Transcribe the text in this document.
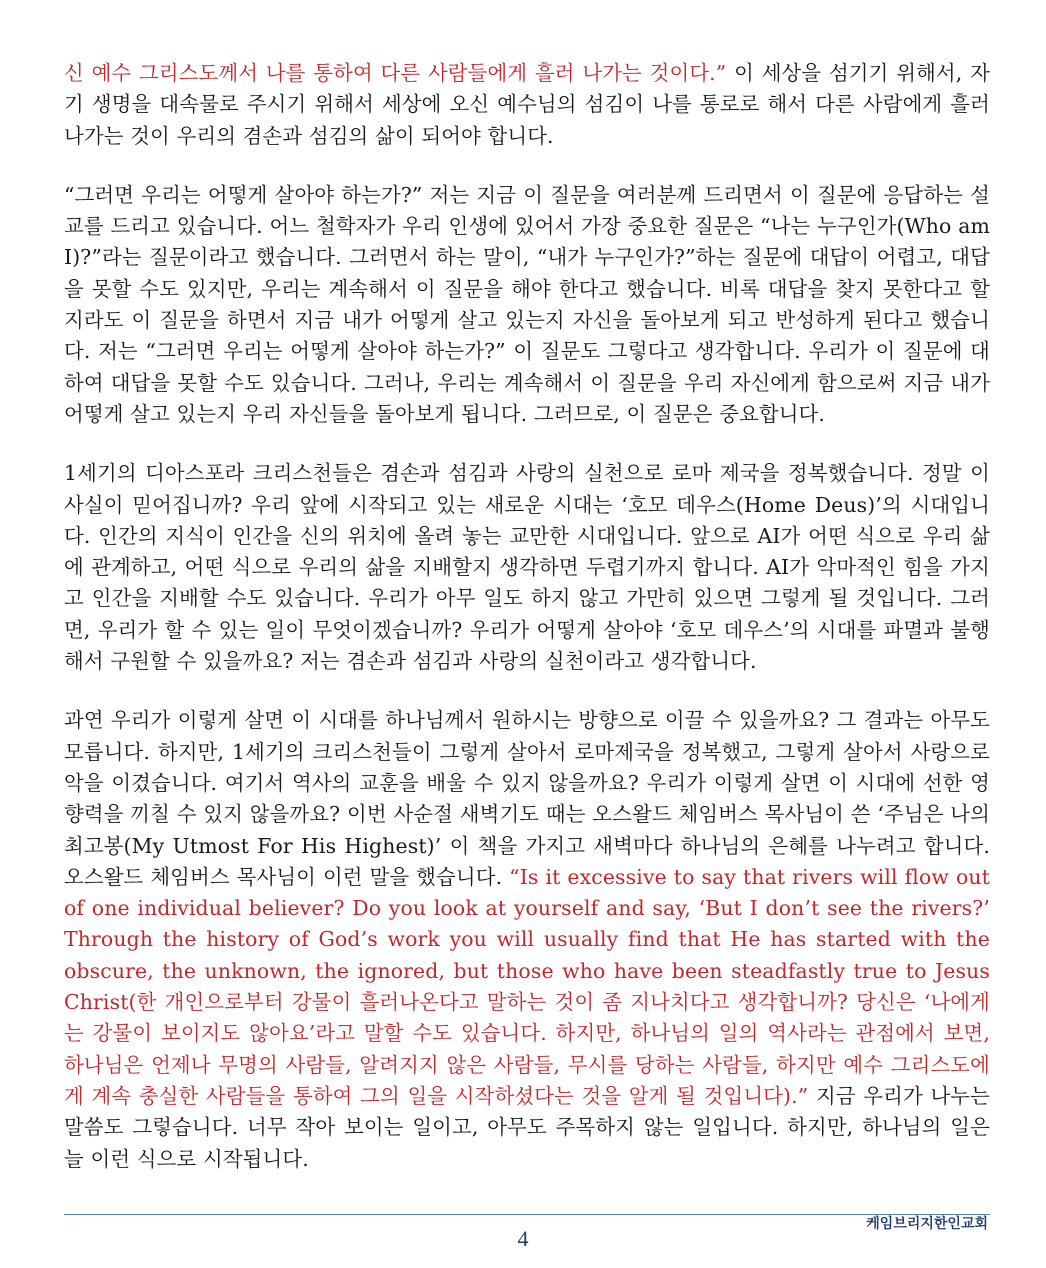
신 예수 그리스도께서 나를 통하여 다른 사람들에게 흘러 나가는 것이다.” 이 세상을 섬기기 위해서, 자기 생명을 대속물로 주시기 위해서 세상에 오신 예수님의 섬김이 나를 통로로 해서 다른 사람에게 흘러 나가는 것이 우리의 겸손과 섬김의 삶이 되어야 합니다.

“그러면 우리는 어떻게 살아야 하는가?” 저는 지금 이 질문을 여러분께 드리면서 이 질문에 응답하는 설교를 드리고 있습니다. 어느 철학자가 우리 인생에 있어서 가장 중요한 질문은 “나는 누구인가(Who am I)?”라는 질문이라고 했습니다. 그러면서 하는 말이, “내가 누구인가?”하는 질문에 대답이 어렵고, 대답을 못할 수도 있지만, 우리는 계속해서 이 질문을 해야 한다고 했습니다. 비록 대답을 찾지 못한다고 할지라도 이 질문을 하면서 지금 내가 어떻게 살고 있는지 자신을 돌아보게 되고 반성하게 된다고 했습니다. 저는 “그러면 우리는 어떻게 살아야 하는가?” 이 질문도 그렇다고 생각합니다. 우리가 이 질문에 대하여 대답을 못할 수도 있습니다. 그러나, 우리는 계속해서 이 질문을 우리 자신에게 함으로써 지금 내가 어떻게 살고 있는지 우리 자신들을 돌아보게 됩니다. 그러므로, 이 질문은 중요합니다.

1세기의 디아스포라 크리스천들은 겸손과 섬김과 사랑의 실천으로 로마 제국을 정복했습니다. 정말 이 사실이 믿어집니까? 우리 앞에 시작되고 있는 새로운 시대는 ‘호모 데우스(Home Deus)’의 시대입니다. 인간의 지식이 인간을 신의 위치에 올려 놓는 교만한 시대입니다. 앞으로 AI가 어떤 식으로 우리 삶에 관계하고, 어떤 식으로 우리의 삶을 지배할지 생각하면 두렵기까지 합니다. AI가 악마적인 힘을 가지고 인간을 지배할 수도 있습니다. 우리가 아무 일도 하지 않고 가만히 있으면 그렇게 될 것입니다. 그러면, 우리가 할 수 있는 일이 무엇이겠습니까? 우리가 어떻게 살아야 ‘호모 데우스’의 시대를 파멸과 불행해서 구원할 수 있을까요? 저는 겸손과 섬김과 사랑의 실천이라고 생각합니다.

과연 우리가 이렇게 살면 이 시대를 하나님께서 원하시는 방향으로 이끌 수 있을까요? 그 결과는 아무도 모릅니다. 하지만, 1세기의 크리스천들이 그렇게 살아서 로마제국을 정복했고, 그렇게 살아서 사랑으로 악을 이겼습니다. 여기서 역사의 교훈을 배울 수 있지 않을까요? 우리가 이렇게 살면 이 시대에 선한 영향력을 끼칠 수 있지 않을까요? 이번 사순절 새벽기도 때는 오스왈드 체임버스 목사님이 쓴 ‘주님은 나의 최고봉(My Utmost For His Highest)’ 이 책을 가지고 새벽마다 하나님의 은혜를 나누려고 합니다. 오스왈드 체임버스 목사님이 이런 말을 했습니다. “Is it excessive to say that rivers will flow out of one individual believer? Do you look at yourself and say, ‘But I don’t see the rivers?’ Through the history of God’s work you will usually find that He has started with the obscure, the unknown, the ignored, but those who have been steadfastly true to Jesus Christ(한 개인으로부터 강물이 흘러나온다고 말하는 것이 좀 지나치다고 생각합니까? 당신은 ‘나에게는 강물이 보이지도 않아요’라고 말할 수도 있습니다. 하지만, 하나님의 일의 역사라는 관점에서 보면, 하나님은 언제나 무명의 사람들, 알려지지 않은 사람들, 무시를 당하는 사람들, 하지만 예수 그리스도에게 계속 충실한 사람들을 통하여 그의 일을 시작하셨다는 것을 알게 될 것입니다).” 지금 우리가 나누는 말씀도 그렇습니다. 너무 작아 보이는 일이고, 아무도 주목하지 않는 일입니다. 하지만, 하나님의 일은 늘 이런 식으로 시작됩니다.

케임브리지한인교회
4
